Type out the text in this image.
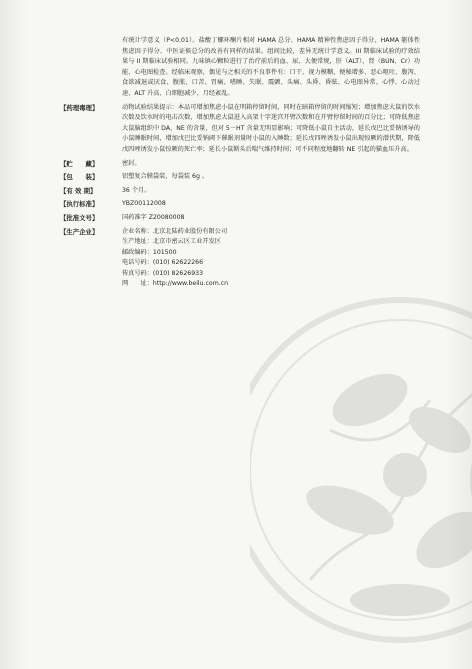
有统计学意义（P<0.01）。盐酸丁螺环酮片相对 HAMA 总分、HAMA 精神性焦虑因子得分、HAMA 躯体性焦虑因子得分、中医证候总分的改善有同样的结果。组间比较，差异无统计学意义。III 期临床试验的疗效结果与 II 期临床试验相同。九味镇心颗粒进行了治疗前后的血、尿、大便常规，肝（ALT）、肾（BUN、Cr）功能、心电图检查。经临床观察，偶见与之相关的不良事件有：口干、视力模糊、便秘增多、恶心呕吐、腹泻、食欲减退或厌食、腹胀、口苦、胃痛、嗜睡、失眠、震颤、头痛、头昏、昏眩、心电图异常、心悸、心动过速、ALT 升高、白细胞减少、月经紊乱。

【 药理毒理 】	动物试验结果提示：本品可增加焦虑小鼠在明箱停留时间，同时在暗箱停留的时间缩短；增加焦虑大鼠的饮水次数及饮水时的电击次数，增加焦虑大鼠进入高架十字迷宫开臂次数和在开臂停留时间的百分比；可降低焦虑大鼠脑组织中 DA、NE 的含量，但对 5－HT 含量无明显影响；可降低小鼠自主活动，延长戊巴比妥钠诱导的小鼠睡眠时间，增加戊巴比妥钠阈下催眠剂量时小鼠的入睡数；延长戊四唑诱发小鼠出现惊厥的潜伏期，降低戊四唑诱发小鼠惊厥的死亡率；延长小鼠断头后喘气维持时间；可不同程度地翻转 NE 引起的猫血压升高。

【 贮　　藏 】	密封。
【 包　　装 】	铝塑复合膜袋装，每袋装 6g 。
【 有 效 期 】	36 个月。
【 执行标准 】	YBZ00112008
【 批准文号 】	国药准字 Z20080008
【 生产企业 】	企业名称：北京北陆药业股份有限公司
生产地址：北京市密云区工业开发区
邮政编码：101500
电话号码：(010) 62622266
传真号码：(010) 82626933
网　　址：http://www.beilu.com.cn
